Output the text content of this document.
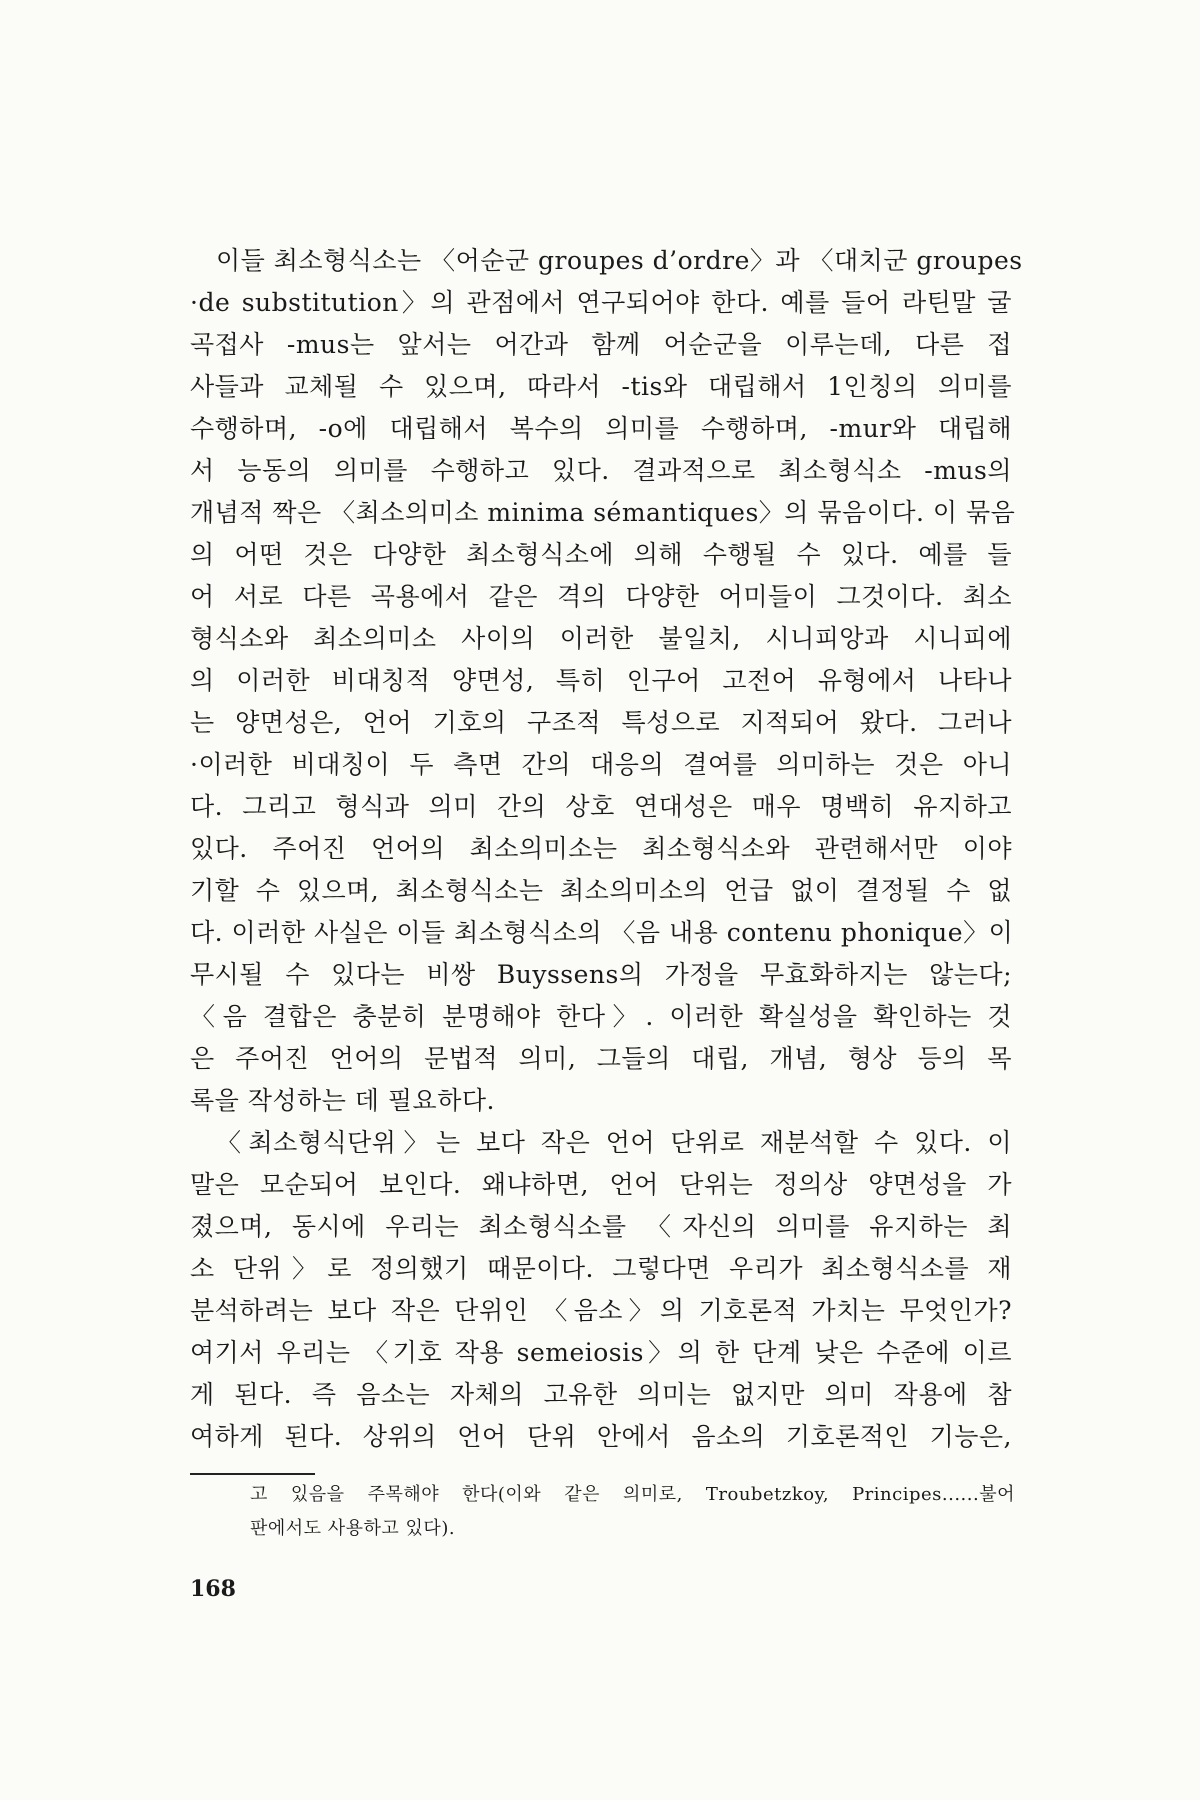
이들 최소형식소는 〈어순군 groupes d’ordre〉과 〈대치군 groupes
·de substitution〉의 관점에서 연구되어야 한다. 예를 들어 라틴말 굴
곡접사 -mus는 앞서는 어간과 함께 어순군을 이루는데, 다른 접
사들과 교체될 수 있으며, 따라서 -tis와 대립해서 1인칭의 의미를
수행하며, -o에 대립해서 복수의 의미를 수행하며, -mur와 대립해
서 능동의 의미를 수행하고 있다. 결과적으로 최소형식소 -mus의
개념적 짝은 〈최소의미소 minima sémantiques〉의 묶음이다. 이 묶음
의 어떤 것은 다양한 최소형식소에 의해 수행될 수 있다. 예를 들
어 서로 다른 곡용에서 같은 격의 다양한 어미들이 그것이다. 최소
형식소와 최소의미소 사이의 이러한 불일치, 시니피앙과 시니피에
의 이러한 비대칭적 양면성, 특히 인구어 고전어 유형에서 나타나
는 양면성은, 언어 기호의 구조적 특성으로 지적되어 왔다. 그러나
·이러한 비대칭이 두 측면 간의 대응의 결여를 의미하는 것은 아니
다. 그리고 형식과 의미 간의 상호 연대성은 매우 명백히 유지하고
있다. 주어진 언어의 최소의미소는 최소형식소와 관련해서만 이야
기할 수 있으며, 최소형식소는 최소의미소의 언급 없이 결정될 수 없
다. 이러한 사실은 이들 최소형식소의 〈음 내용 contenu phonique〉이
무시될 수 있다는 비쌍 Buyssens의 가정을 무효화하지는 않는다;
〈음 결합은 충분히 분명해야 한다〉. 이러한 확실성을 확인하는 것
은 주어진 언어의 문법적 의미, 그들의 대립, 개념, 형상 등의 목
록을 작성하는 데 필요하다.
〈최소형식단위〉는 보다 작은 언어 단위로 재분석할 수 있다. 이
말은 모순되어 보인다. 왜냐하면, 언어 단위는 정의상 양면성을 가
졌으며, 동시에 우리는 최소형식소를 〈자신의 의미를 유지하는 최
소 단위〉로 정의했기 때문이다. 그렇다면 우리가 최소형식소를 재
분석하려는 보다 작은 단위인 〈음소〉의 기호론적 가치는 무엇인가?
여기서 우리는 〈기호 작용 semeiosis〉의 한 단계 낮은 수준에 이르
게 된다. 즉 음소는 자체의 고유한 의미는 없지만 의미 작용에 참
여하게 된다. 상위의 언어 단위 안에서 음소의 기호론적인 기능은,
고 있음을 주목해야 한다(이와 같은 의미로, Troubetzkoy, Principes......불어
판에서도 사용하고 있다).
168
